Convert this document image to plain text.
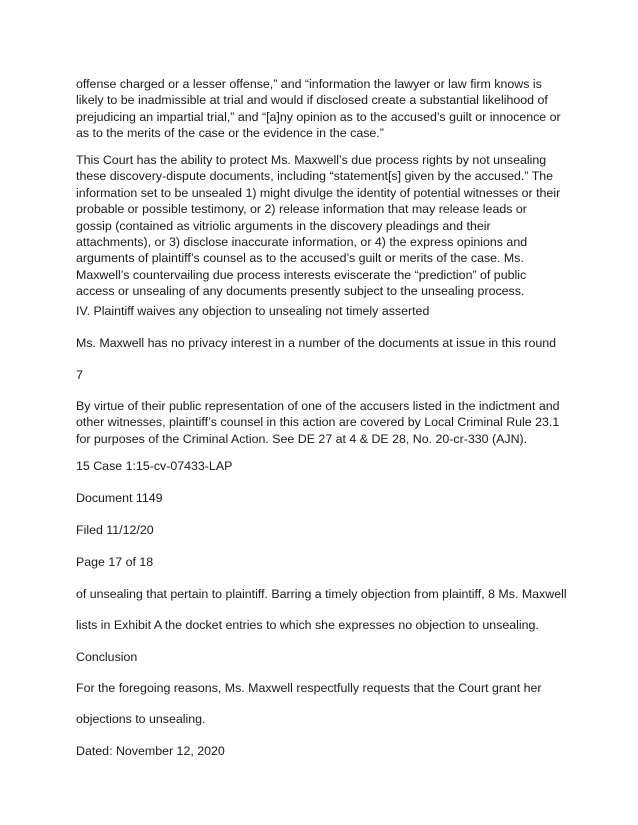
offense charged or a lesser offense,” and “information the lawyer or law firm knows is likely to be inadmissible at trial and would if disclosed create a substantial likelihood of prejudicing an impartial trial,” and “[a]ny opinion as to the accused’s guilt or innocence or as to the merits of the case or the evidence in the case.”

This Court has the ability to protect Ms. Maxwell’s due process rights by not unsealing these discovery-dispute documents, including “statement[s] given by the accused.” The information set to be unsealed 1) might divulge the identity of potential witnesses or their probable or possible testimony, or 2) release information that may release leads or gossip (contained as vitriolic arguments in the discovery pleadings and their attachments), or 3) disclose inaccurate information, or 4) the express opinions and arguments of plaintiff’s counsel as to the accused’s guilt or merits of the case. Ms. Maxwell’s countervailing due process interests eviscerate the “prediction” of public access or unsealing of any documents presently subject to the unsealing process.

IV. Plaintiff waives any objection to unsealing not timely asserted

Ms. Maxwell has no privacy interest in a number of the documents at issue in this round

7

By virtue of their public representation of one of the accusers listed in the indictment and other witnesses, plaintiff’s counsel in this action are covered by Local Criminal Rule 23.1 for purposes of the Criminal Action. See DE 27 at 4 & DE 28, No. 20-cr-330 (AJN).

15 Case 1:15-cv-07433-LAP

Document 1149

Filed 11/12/20

Page 17 of 18

of unsealing that pertain to plaintiff. Barring a timely objection from plaintiff, 8 Ms. Maxwell

lists in Exhibit A the docket entries to which she expresses no objection to unsealing.

Conclusion

For the foregoing reasons, Ms. Maxwell respectfully requests that the Court grant her

objections to unsealing.

Dated: November 12, 2020
